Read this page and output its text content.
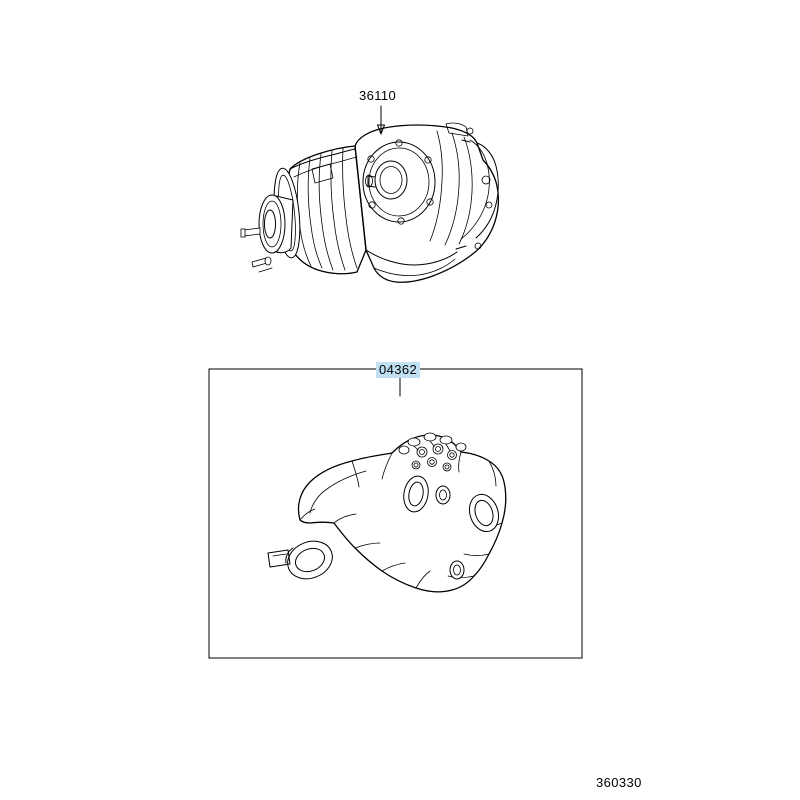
36110
04362
360330
